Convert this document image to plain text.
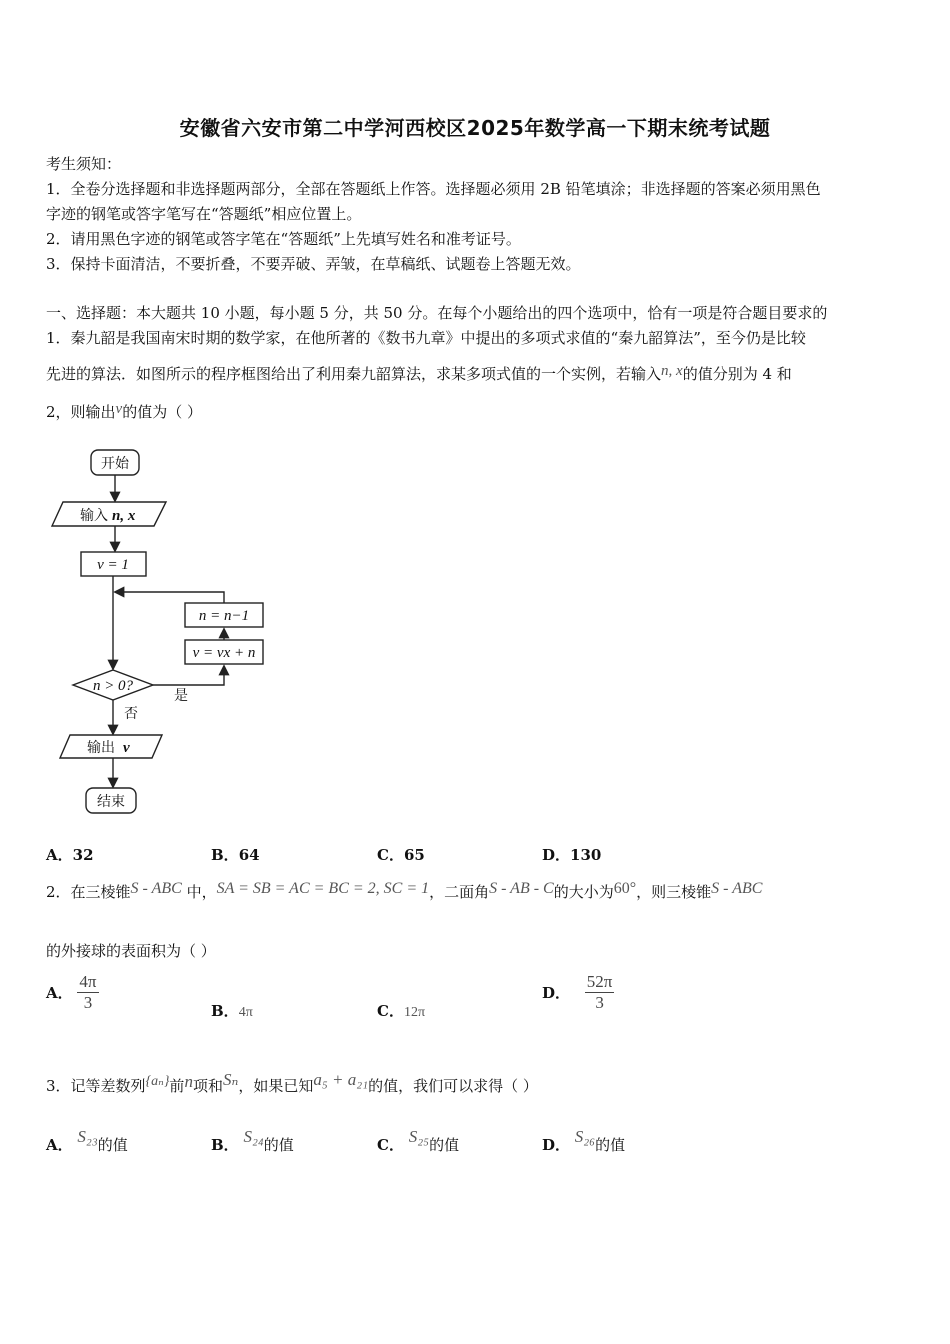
安徽省六安市第二中学河西校区2025年数学高一下期末统考试题
考生须知：
1．全卷分选择题和非选择题两部分，全部在答题纸上作答。选择题必须用 2B 铅笔填涂；非选择题的答案必须用黑色
字迹的钢笔或答字笔写在“答题纸”相应位置上。
2．请用黑色字迹的钢笔或答字笔在“答题纸”上先填写姓名和准考证号。
3．保持卡面清洁，不要折叠，不要弄破、弄皱，在草稿纸、试题卷上答题无效。
一、选择题：本大题共 10 小题，每小题 5 分，共 50 分。在每个小题给出的四个选项中，恰有一项是符合题目要求的
1．秦九韶是我国南宋时期的数学家，在他所著的《数书九章》中提出的多项式求值的“秦九韶算法”，至今仍是比较
先进的算法．如图所示的程序框图给出了利用秦九韶算法，求某多项式值的一个实例，若输入n, x的值分别为 4 和
2，则输出v的值为（ ）
开始
输入 n, x
v = 1
n = n−1
v = vx + n
n > 0?
是
否
输出 v
结束
A．32	B．64	C．65	D．130
2．在三棱锥S - ABC 中，SA = SB = AC = BC = 2, SC = 1，二面角S - AB - C的大小为60°，则三棱锥S - ABC
的外接球的表面积为（ ）
A． $\frac{4\pi}{3}$	B．4π	C．12π
D． $\frac{52\pi}{3}$
3．记等差数列{aₙ}前n项和Sₙ，如果已知a₅ + a₂₁的值，我们可以求得（ ）
A． S₂₃的值	B． S₂₄的值	C． S₂₅的值	D． S₂₆的值
